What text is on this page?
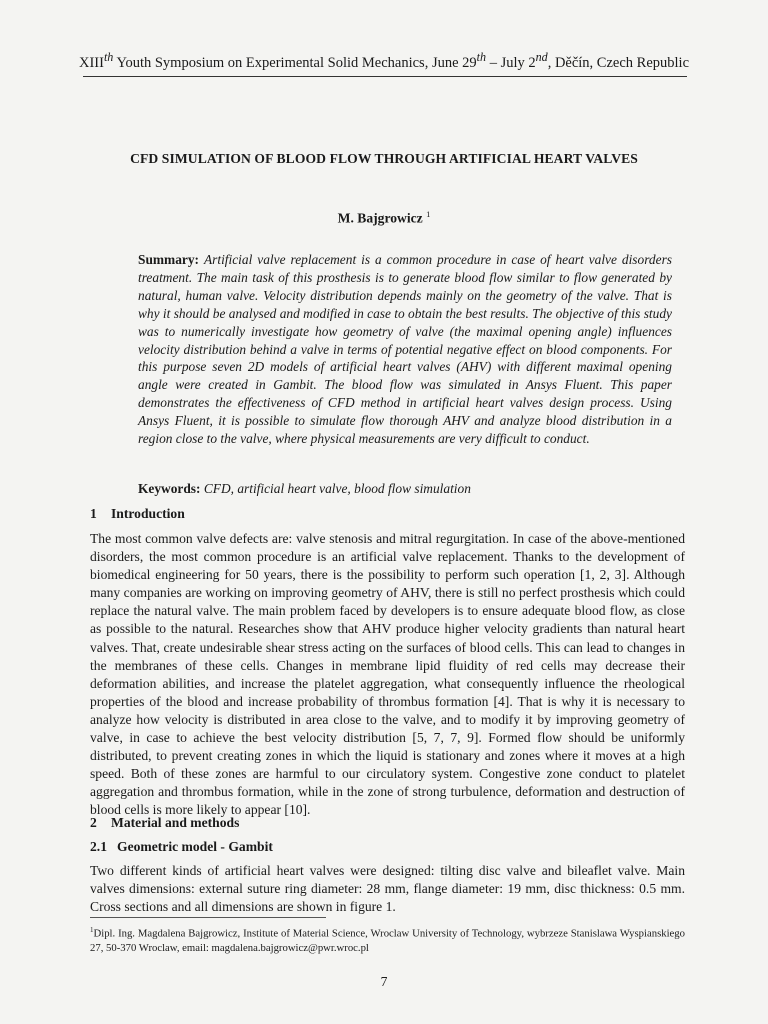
XIIIth Youth Symposium on Experimental Solid Mechanics, June 29th – July 2nd, Děčín, Czech Republic
CFD SIMULATION OF BLOOD FLOW THROUGH ARTIFICIAL HEART VALVES
M. Bajgrowicz $^1$
Summary: Artificial valve replacement is a common procedure in case of heart valve disorders treatment. The main task of this prosthesis is to generate blood flow similar to flow generated by natural, human valve. Velocity distribution depends mainly on the geometry of the valve. That is why it should be analysed and modified in case to obtain the best results. The objective of this study was to numerically investigate how geometry of valve (the maximal opening angle) influences velocity distribution behind a valve in terms of potential negative effect on blood components. For this purpose seven 2D models of artificial heart valves (AHV) with different maximal opening angle were created in Gambit. The blood flow was simulated in Ansys Fluent. This paper demonstrates the effectiveness of CFD method in artificial heart valves design process. Using Ansys Fluent, it is possible to simulate flow thorough AHV and analyze blood distribution in a region close to the valve, where physical measurements are very difficult to conduct.
Keywords: CFD, artificial heart valve, blood flow simulation
1 Introduction
The most common valve defects are: valve stenosis and mitral regurgitation. In case of the above-mentioned disorders, the most common procedure is an artificial valve replacement. Thanks to the development of biomedical engineering for 50 years, there is the possibility to perform such operation [1, 2, 3]. Although many companies are working on improving geometry of AHV, there is still no perfect prosthesis which could replace the natural valve. The main problem faced by developers is to ensure adequate blood flow, as close as possible to the natural. Researches show that AHV produce higher velocity gradients than natural heart valves. That, create undesirable shear stress acting on the surfaces of blood cells. This can lead to changes in the membranes of these cells. Changes in membrane lipid fluidity of red cells may decrease their deformation abilities, and increase the platelet aggregation, what consequently influence the rheological properties of the blood and increase probability of thrombus formation [4]. That is why it is necessary to analyze how velocity is distributed in area close to the valve, and to modify it by improving geometry of valve, in case to achieve the best velocity distribution [5, 7, 7, 9]. Formed flow should be uniformly distributed, to prevent creating zones in which the liquid is stationary and zones where it moves at a high speed. Both of these zones are harmful to our circulatory system. Congestive zone conduct to platelet aggregation and thrombus formation, while in the zone of strong turbulence, deformation and destruction of blood cells is more likely to appear [10].
2 Material and methods
2.1 Geometric model - Gambit
Two different kinds of artificial heart valves were designed: tilting disc valve and bileaflet valve. Main valves dimensions: external suture ring diameter: 28 mm, flange diameter: 19 mm, disc thickness: 0.5 mm. Cross sections and all dimensions are shown in figure 1.
$^1$Dipl. Ing. Magdalena Bajgrowicz, Institute of Material Science, Wroclaw University of Technology, wybrzeze Stanislawa Wyspianskiego 27, 50-370 Wroclaw, email: magdalena.bajgrowicz@pwr.wroc.pl
7
